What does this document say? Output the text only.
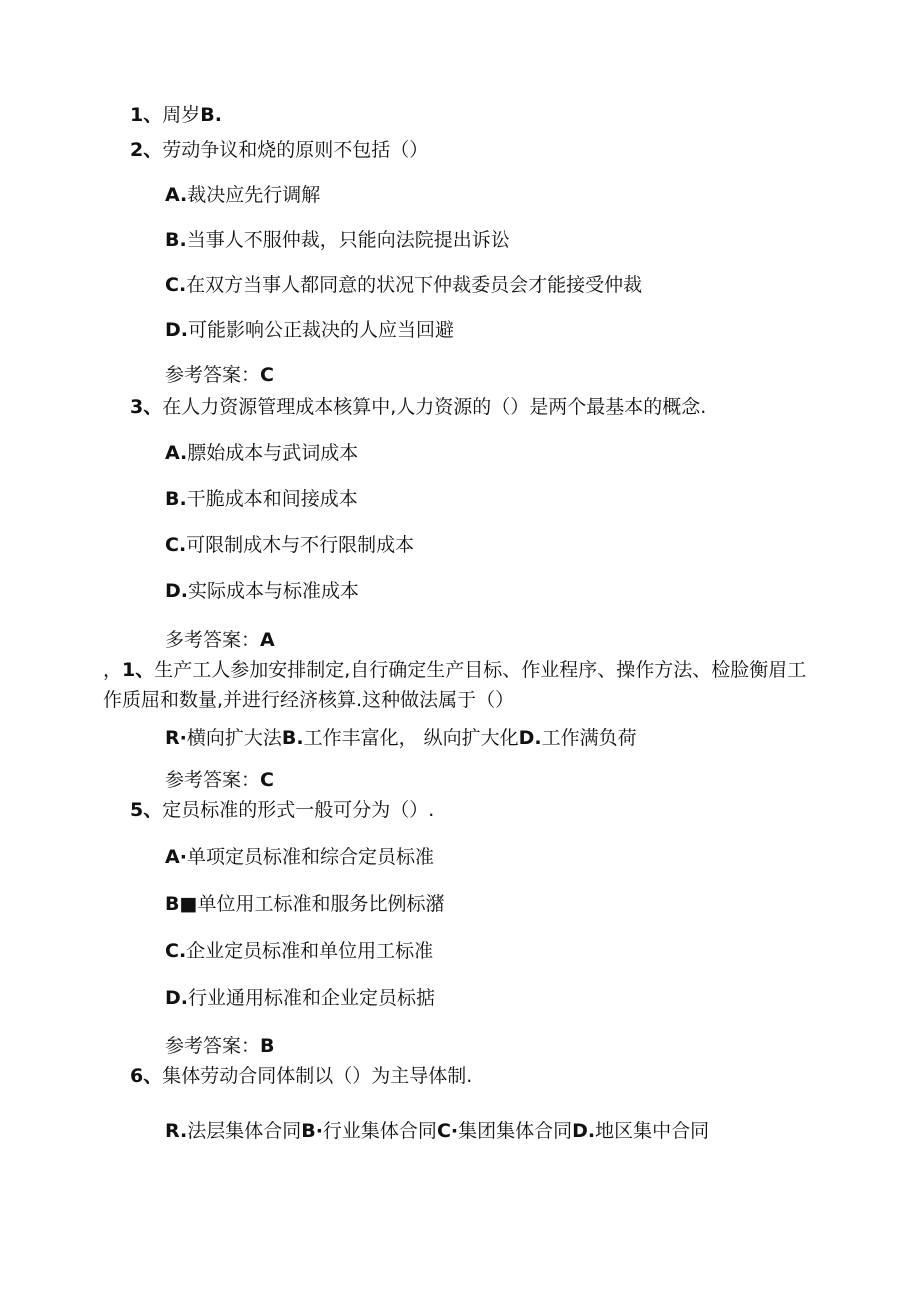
1、周岁B.

2、劳动争议和烧的原则不包括（）

A.裁决应先行调解

B.当事人不服仲裁，只能向法院提出诉讼

C.在双方当事人都同意的状况下仲裁委员会才能接受仲裁

D.可能影响公正裁决的人应当回避

参考答案：C

3、在人力资源管理成本核算中,人力资源的（）是两个最基本的概念.

A.膘始成本与武词成本

B.干脆成本和间接成本

C.可限制成木与不行限制成本

D.实际成本与标准成本

多考答案：A

，1、生产工人参加安排制定,自行确定生产目标、作业程序、操作方法、检脸衡眉工作质屈和数量,并进行经济核算.这种做法属于（）

R·横向扩大法B.工作丰富化， 纵向扩大化D.工作满负荷

参考答案：C

5、定员标准的形式一般可分为（）.

A·单项定员标准和综合定员标准

B■单位用工标准和服务比例标潴

C.企业定员标准和单位用工标准

D.行业通用标准和企业定员标掂

参考答案：B

6、集体劳动合同体制以（）为主导体制.

R.法层集体合同B·行业集体合同C·集团集体合同D.地区集中合同
